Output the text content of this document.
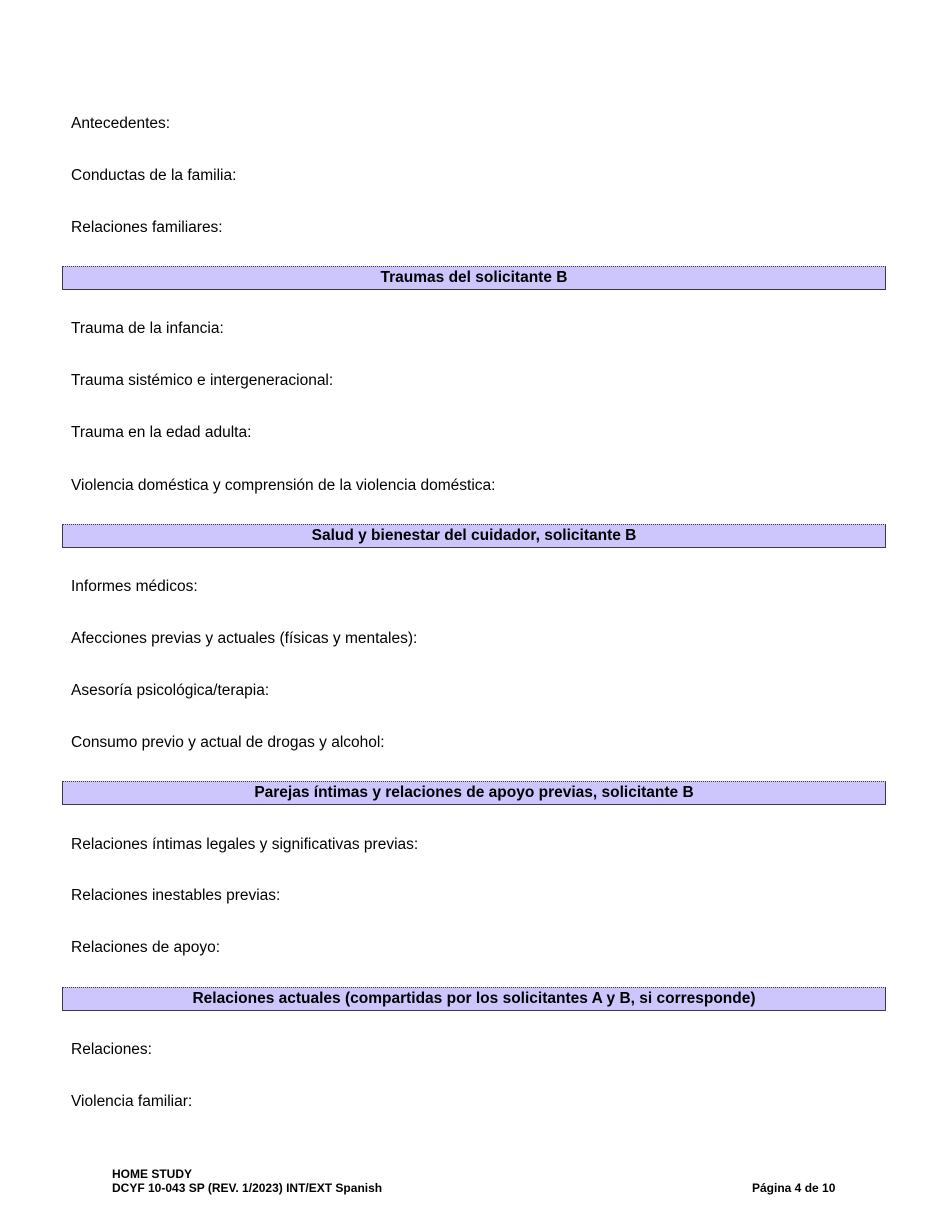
Antecedentes:
Conductas de la familia:
Relaciones familiares:
Traumas del solicitante B
Trauma de la infancia:
Trauma sistémico e intergeneracional:
Trauma en la edad adulta:
Violencia doméstica y comprensión de la violencia doméstica:
Salud y bienestar del cuidador, solicitante B
Informes médicos:
Afecciones previas y actuales (físicas y mentales):
Asesoría psicológica/terapia:
Consumo previo y actual de drogas y alcohol:
Parejas íntimas y relaciones de apoyo previas, solicitante B
Relaciones íntimas legales y significativas previas:
Relaciones inestables previas:
Relaciones de apoyo:
Relaciones actuales (compartidas por los solicitantes A y B, si corresponde)
Relaciones:
Violencia familiar:
HOME STUDY
DCYF 10-043 SP (REV. 1/2023) INT/EXT Spanish	Página 4 de 10
